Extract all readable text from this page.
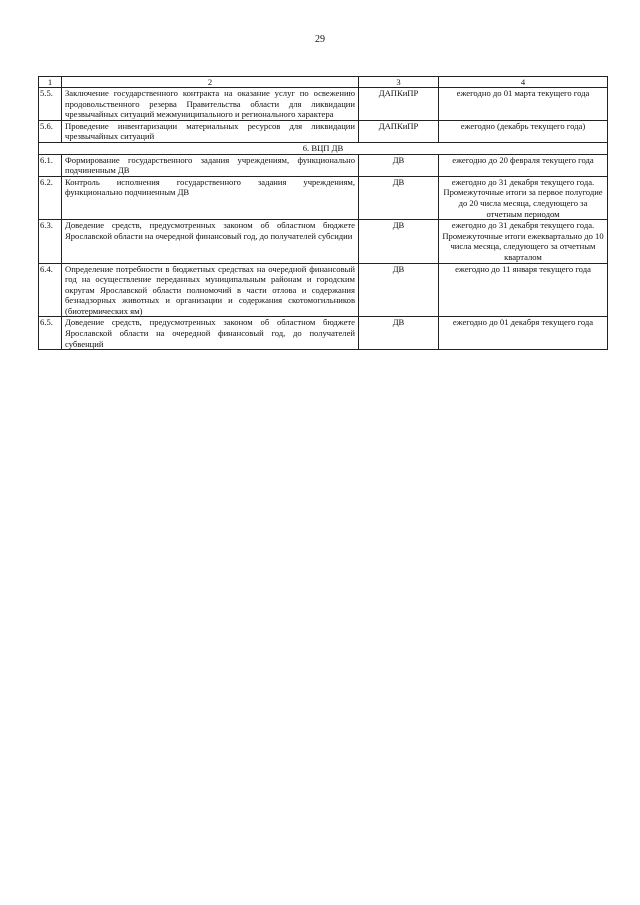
29
1	2	3	4
5.5.	Заключение государственного контракта на оказание услуг по освежению продовольственного резерва Правительства области для ликвидации чрезвычайных ситуаций межмуниципального и регионального характера	ДАПКиПР	ежегодно до 01 марта текущего года
5.6.	Проведение инвентаризации материальных ресурсов для ликвидации чрезвычайных ситуаций	ДАПКиПР	ежегодно (декабрь текущего года)
6. ВЦП ДВ			
6.1.	Формирование государственного задания учреждениям, функционально подчиненным ДВ	ДВ	ежегодно до 20 февраля текущего года
6.2.	Контроль исполнения государственного задания учреждениям, функционально подчиненным ДВ	ДВ	ежегодно до 31 декабря текущего года. Промежуточные итоги за первое полугодие до 20 числа месяца, следующего за отчетным периодом
6.3.	Доведение средств, предусмотренных законом об областном бюджете Ярославской области на очередной финансовый год, до получателей субсидии	ДВ	ежегодно до 31 декабря текущего года. Промежуточные итоги ежеквартально до 10 числа месяца, следующего за отчетным кварталом
6.4.	Определение потребности в бюджетных средствах на очередной финансовый год на осуществление переданных муниципальным районам и городским округам Ярославской области полномочий в части отлова и содержания безнадзорных животных и организации и содержания скотомогильников (биотермических ям)	ДВ	ежегодно до 11 января текущего года
6.5.	Доведение средств, предусмотренных законом об областном бюджете Ярославской области на очередной финансовый год, до получателей субвенций	ДВ	ежегодно до 01 декабря текущего года
